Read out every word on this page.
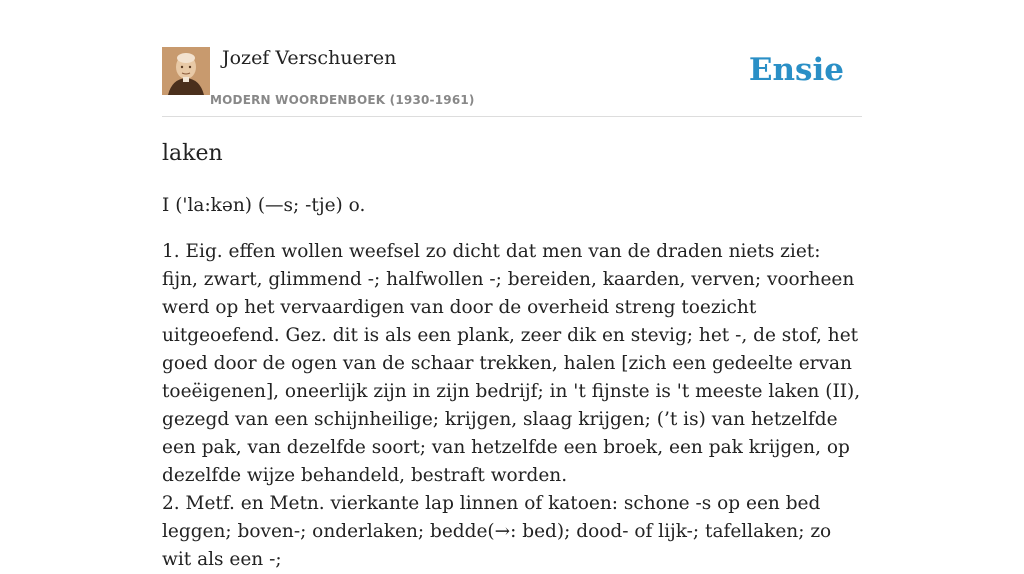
Jozef Verschueren
MODERN WOORDENBOEK (1930-1961)
Ensie
laken

I ('la:kən) (—s; -tje) o.

1. Eig. effen wollen weefsel zo dicht dat men van de draden niets ziet: fijn, zwart, glimmend -; halfwollen -; bereiden, kaarden, verven; voorheen werd op het vervaardigen van door de overheid streng toezicht uitgeoefend. Gez. dit is als een plank, zeer dik en stevig; het -, de stof, het goed door de ogen van de schaar trekken, halen [zich een gedeelte ervan toeëigenen], oneerlijk zijn in zijn bedrijf; in 't fijnste is 't meeste laken (II), gezegd van een schijnheilige; krijgen, slaag krijgen; (’t is) van hetzelfde een pak, van dezelfde soort; van hetzelfde een broek, een pak krijgen, op dezelfde wijze behandeld, bestraft worden.

2. Metf. en Metn. vierkante lap linnen of katoen: schone -s op een bed leggen; boven-; onderlaken; bedde(→: bed); dood- of lijk-; tafellaken; zo wit als een -;
